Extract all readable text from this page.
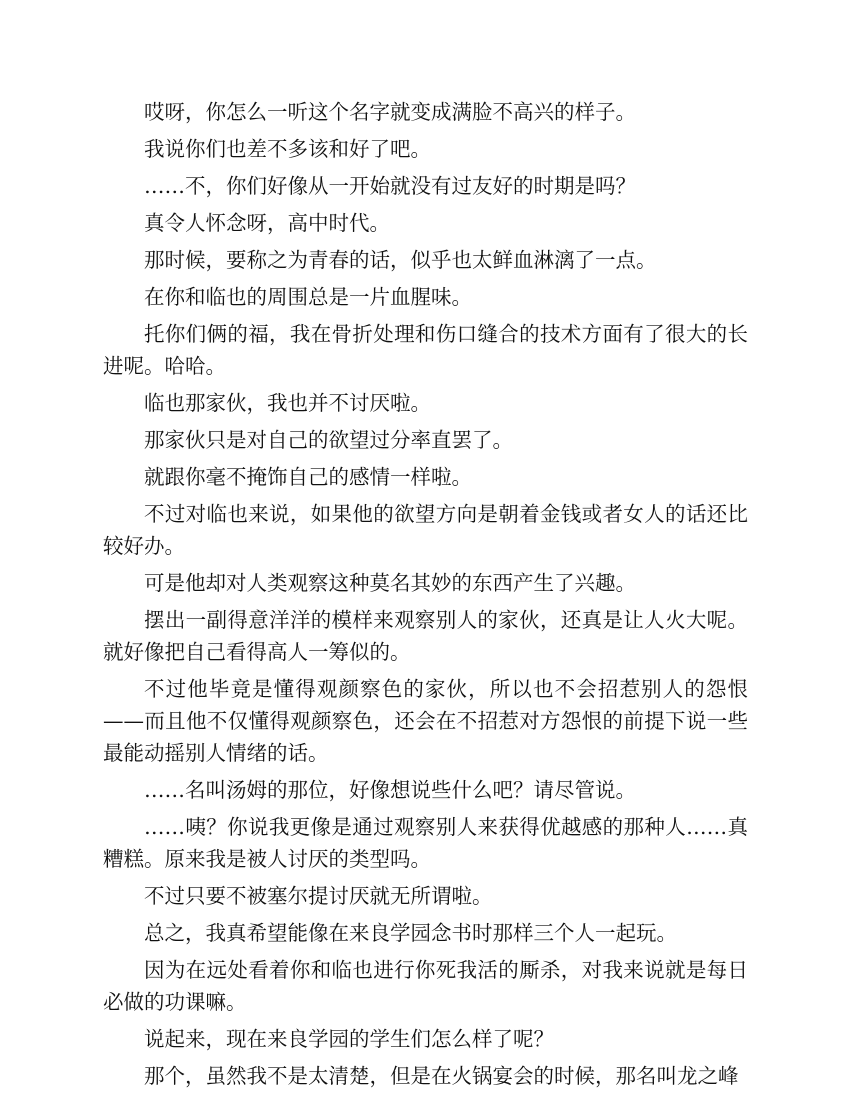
哎呀，你怎么一听这个名字就变成满脸不高兴的样子。

我说你们也差不多该和好了吧。

……不，你们好像从一开始就没有过友好的时期是吗？

真令人怀念呀，高中时代。

那时候，要称之为青春的话，似乎也太鲜血淋漓了一点。

在你和临也的周围总是一片血腥味。

托你们俩的福，我在骨折处理和伤口缝合的技术方面有了很大的长进呢。哈哈。

临也那家伙，我也并不讨厌啦。

那家伙只是对自己的欲望过分率直罢了。

就跟你毫不掩饰自己的感情一样啦。

不过对临也来说，如果他的欲望方向是朝着金钱或者女人的话还比较好办。

可是他却对人类观察这种莫名其妙的东西产生了兴趣。

摆出一副得意洋洋的模样来观察别人的家伙，还真是让人火大呢。就好像把自己看得高人一筹似的。

不过他毕竟是懂得观颜察色的家伙，所以也不会招惹别人的怨恨——而且他不仅懂得观颜察色，还会在不招惹对方怨恨的前提下说一些最能动摇别人情绪的话。

……名叫汤姆的那位，好像想说些什么吧？请尽管说。

……咦？你说我更像是通过观察别人来获得优越感的那种人……真糟糕。原来我是被人讨厌的类型吗。

不过只要不被塞尔提讨厌就无所谓啦。

总之，我真希望能像在来良学园念书时那样三个人一起玩。

因为在远处看着你和临也进行你死我活的厮杀，对我来说就是每日必做的功课嘛。

说起来，现在来良学园的学生们怎么样了呢？

那个，虽然我不是太清楚，但是在火锅宴会的时候，那名叫龙之峰
